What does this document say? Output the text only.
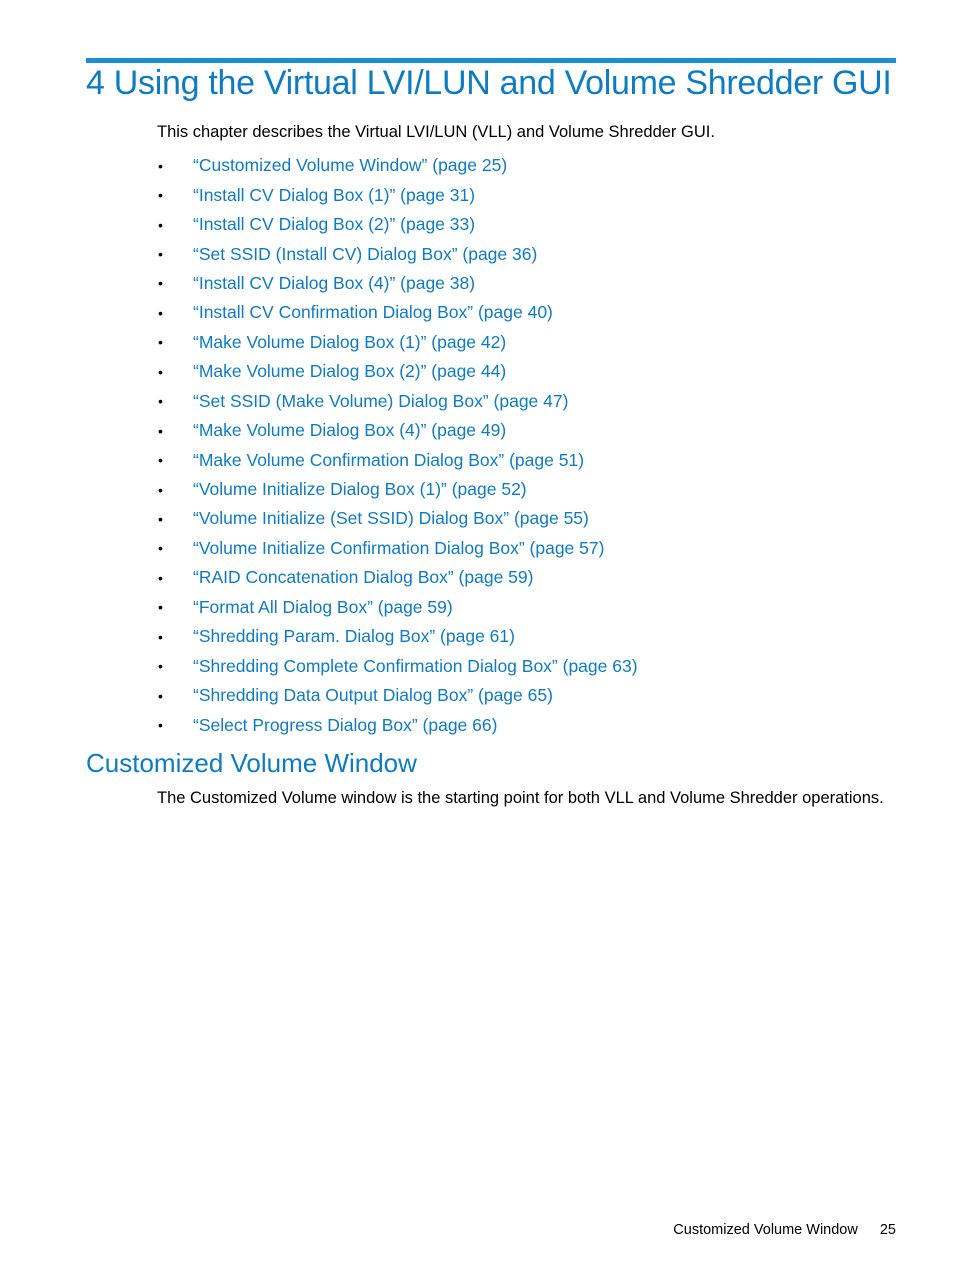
4 Using the Virtual LVI/LUN and Volume Shredder GUI

This chapter describes the Virtual LVI/LUN (VLL) and Volume Shredder GUI.

•	“Customized Volume Window” (page 25)
•	“Install CV Dialog Box (1)” (page 31)
•	“Install CV Dialog Box (2)” (page 33)
•	“Set SSID (Install CV) Dialog Box” (page 36)
•	“Install CV Dialog Box (4)” (page 38)
•	“Install CV Confirmation Dialog Box” (page 40)
•	“Make Volume Dialog Box (1)” (page 42)
•	“Make Volume Dialog Box (2)” (page 44)
•	“Set SSID (Make Volume) Dialog Box” (page 47)
•	“Make Volume Dialog Box (4)” (page 49)
•	“Make Volume Confirmation Dialog Box” (page 51)
•	“Volume Initialize Dialog Box (1)” (page 52)
•	“Volume Initialize (Set SSID) Dialog Box” (page 55)
•	“Volume Initialize Confirmation Dialog Box” (page 57)
•	“RAID Concatenation Dialog Box” (page 59)
•	“Format All Dialog Box” (page 59)
•	“Shredding Param. Dialog Box” (page 61)
•	“Shredding Complete Confirmation Dialog Box” (page 63)
•	“Shredding Data Output Dialog Box” (page 65)
•	“Select Progress Dialog Box” (page 66)
Customized Volume Window

The Customized Volume window is the starting point for both VLL and Volume Shredder operations.

Customized Volume Window 25
